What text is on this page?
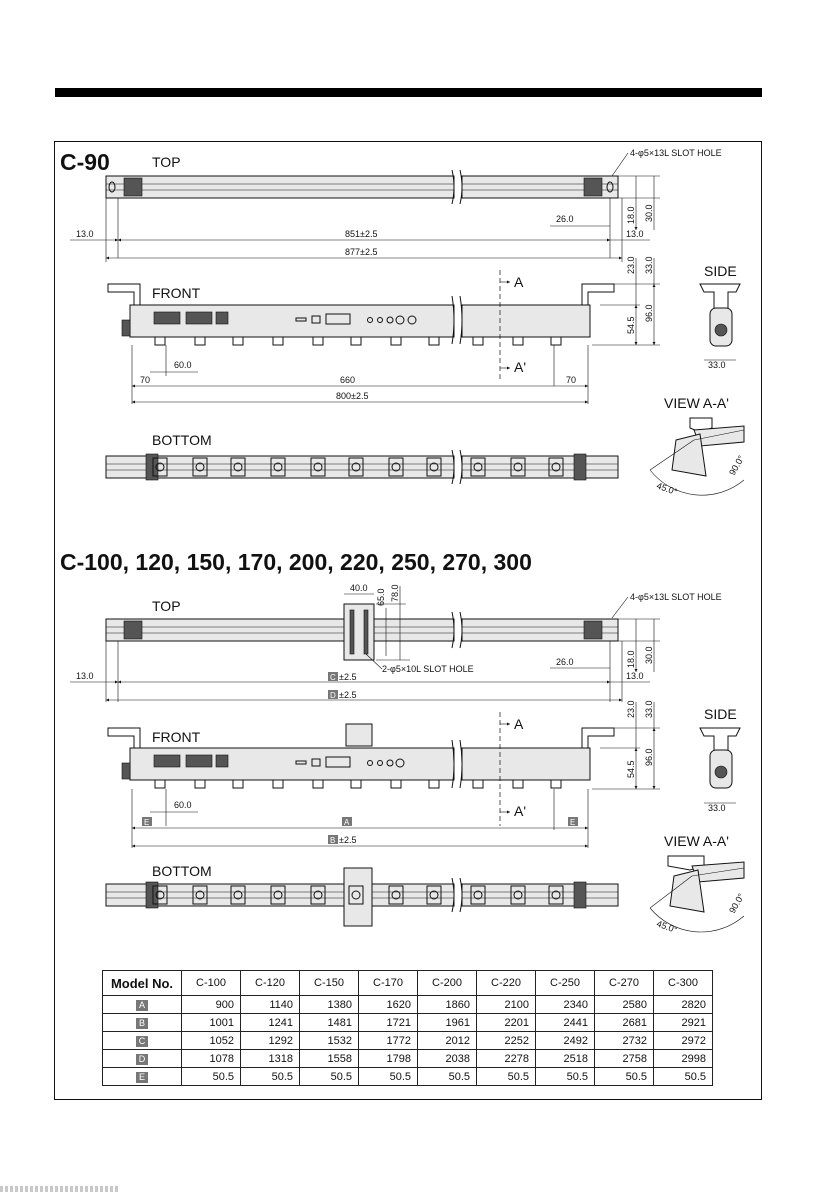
C-90	TOP
4-φ5×13L SLOT HOLE
13.0	851±2.5	13.0
877±2.5
26.0	18.0 30.0
FRONT
A
A'
23.0 33.0
54.5
96.0
60.0
70	660	70
800±2.5
SIDE
33.0
BOTTOM
VIEW A-A'
45.0°
90.0°
C-100, 120, 150, 170, 200, 220, 250, 270, 300
TOP
4-φ5×13L SLOT HOLE
40.0
65.0 78.0
2-φ5×10L SLOT HOLE
13.0	C ±2.5	13.0
D ±2.5
26.0	18.0 30.0
FRONT
A
A'
23.0 33.0
54.5
96.0
60.0
E	A	E
B ±2.5
SIDE
33.0
BOTTOM
VIEW A-A'
45.0°
90.0°
Model No.	C-100	C-120	C-150	C-170	C-200	C-220	C-250	C-270	C-300
A	900	1140	1380	1620	1860	2100	2340	2580	2820
B	1001	1241	1481	1721	1961	2201	2441	2681	2921
C	1052	1292	1532	1772	2012	2252	2492	2732	2972
D	1078	1318	1558	1798	2038	2278	2518	2758	2998
E	50.5	50.5	50.5	50.5	50.5	50.5	50.5	50.5	50.5
